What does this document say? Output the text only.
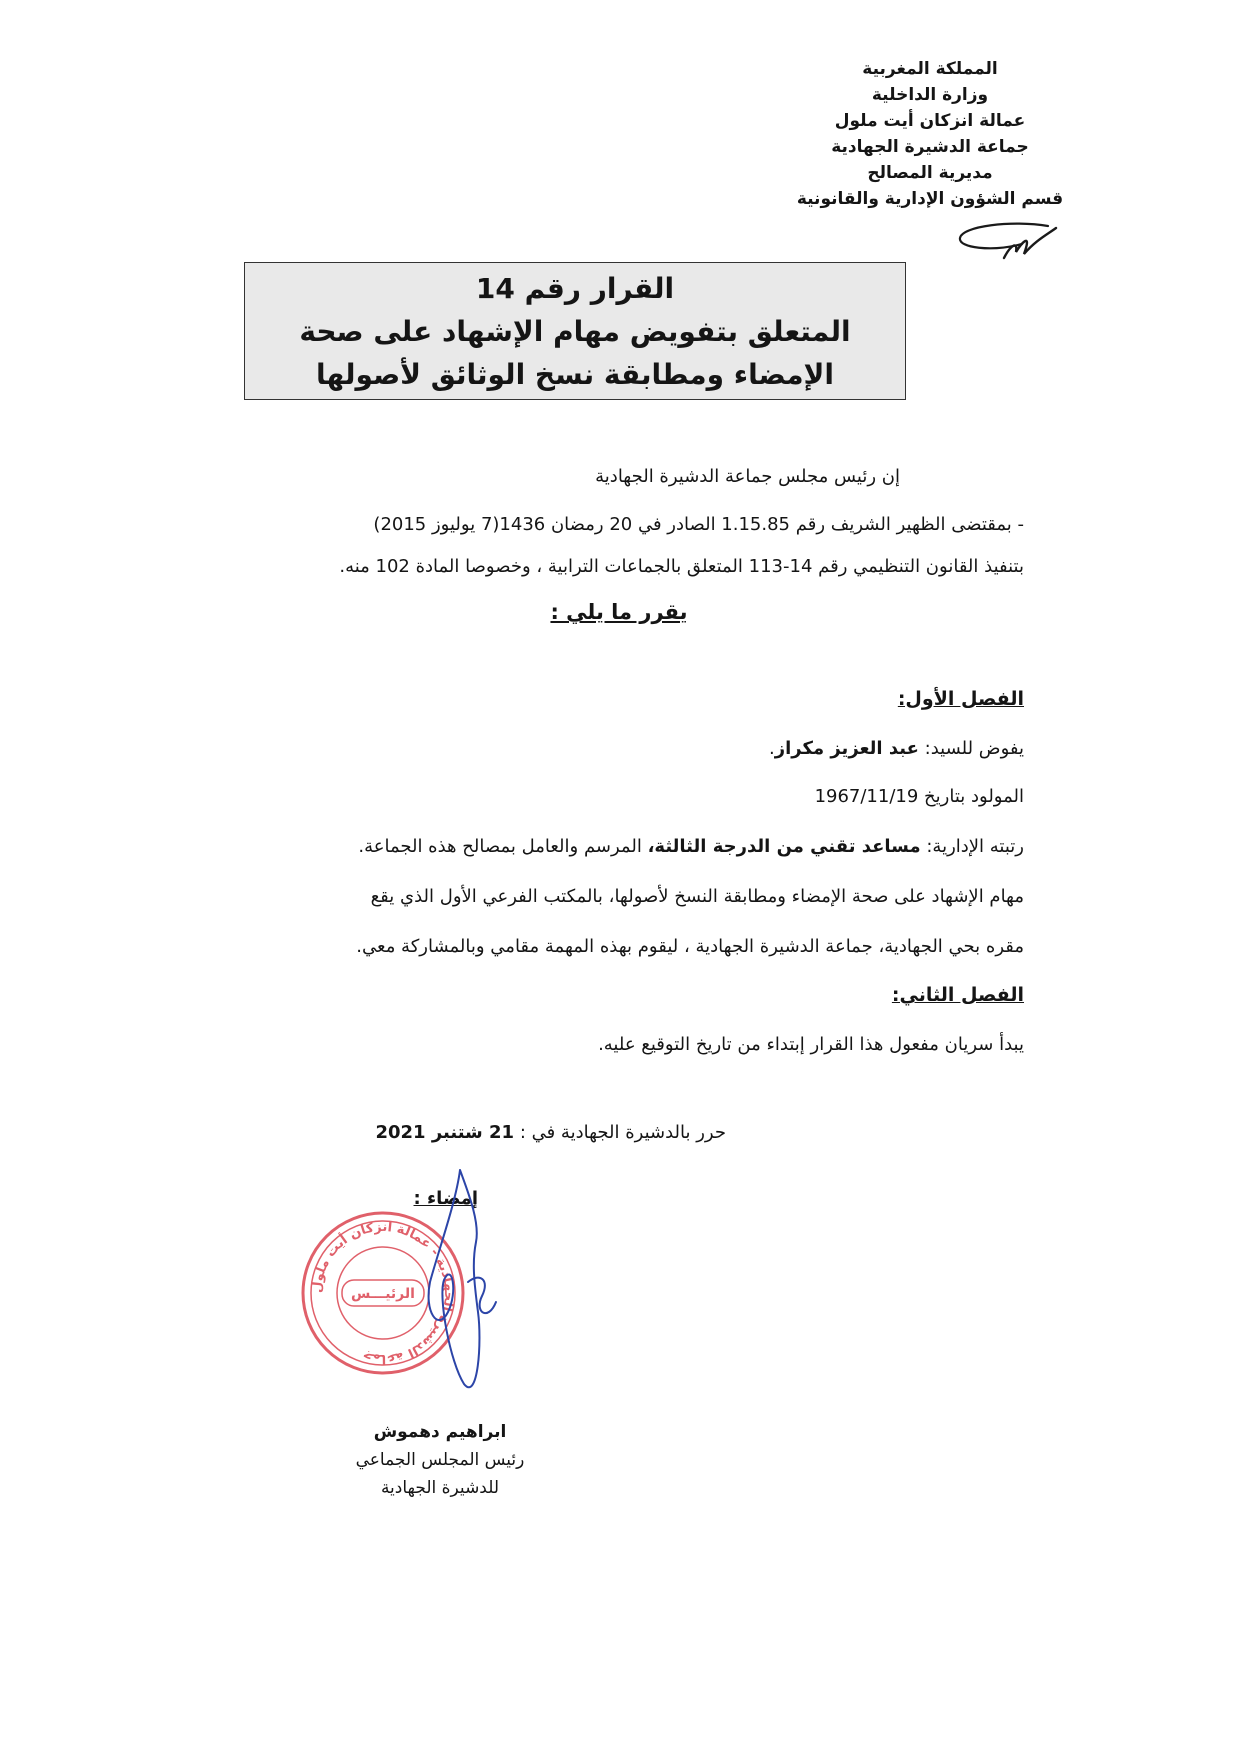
المملكة المغربية
وزارة الداخلية
عمالة انزكان أيت ملول
جماعة الدشيرة الجهادية
مديرية المصالح
قسم الشؤون الإدارية والقانونية
القرار رقم 14
المتعلق بتفويض مهام الإشهاد على صحة
الإمضاء ومطابقة نسخ الوثائق لأصولها
إن رئيس مجلس جماعة الدشيرة الجهادية
- بمقتضى الظهير الشريف رقم 1.15.85 الصادر في 20 رمضان 1436(7 يوليوز 2015)
بتنفيذ القانون التنظيمي رقم 14-113 المتعلق بالجماعات الترابية ، وخصوصا المادة 102 منه.
يقرر ما يلي :
الفصل الأول:
يفوض للسيد: عبد العزيز مكراز.
المولود بتاريخ 1967/11/19
رتبته الإدارية: مساعد تقني من الدرجة الثالثة، المرسم والعامل بمصالح هذه الجماعة.
مهام الإشهاد على صحة الإمضاء ومطابقة النسخ لأصولها، بالمكتب الفرعي الأول الذي يقع
مقره بحي الجهادية، جماعة الدشيرة الجهادية ، ليقوم بهذه المهمة مقامي وبالمشاركة معي.
الفصل الثاني:
يبدأ سريان مفعول هذا القرار إبتداء من تاريخ التوقيع عليه.
حرر بالدشيرة الجهادية في : 21 شتنبر 2021
إمضاء :
جماعة الدشيرة الجهادية - عمالة انزكان أيت ملول
الرئيـــس
ابراهيم دهموش
رئيس المجلس الجماعي
للدشيرة الجهادية
